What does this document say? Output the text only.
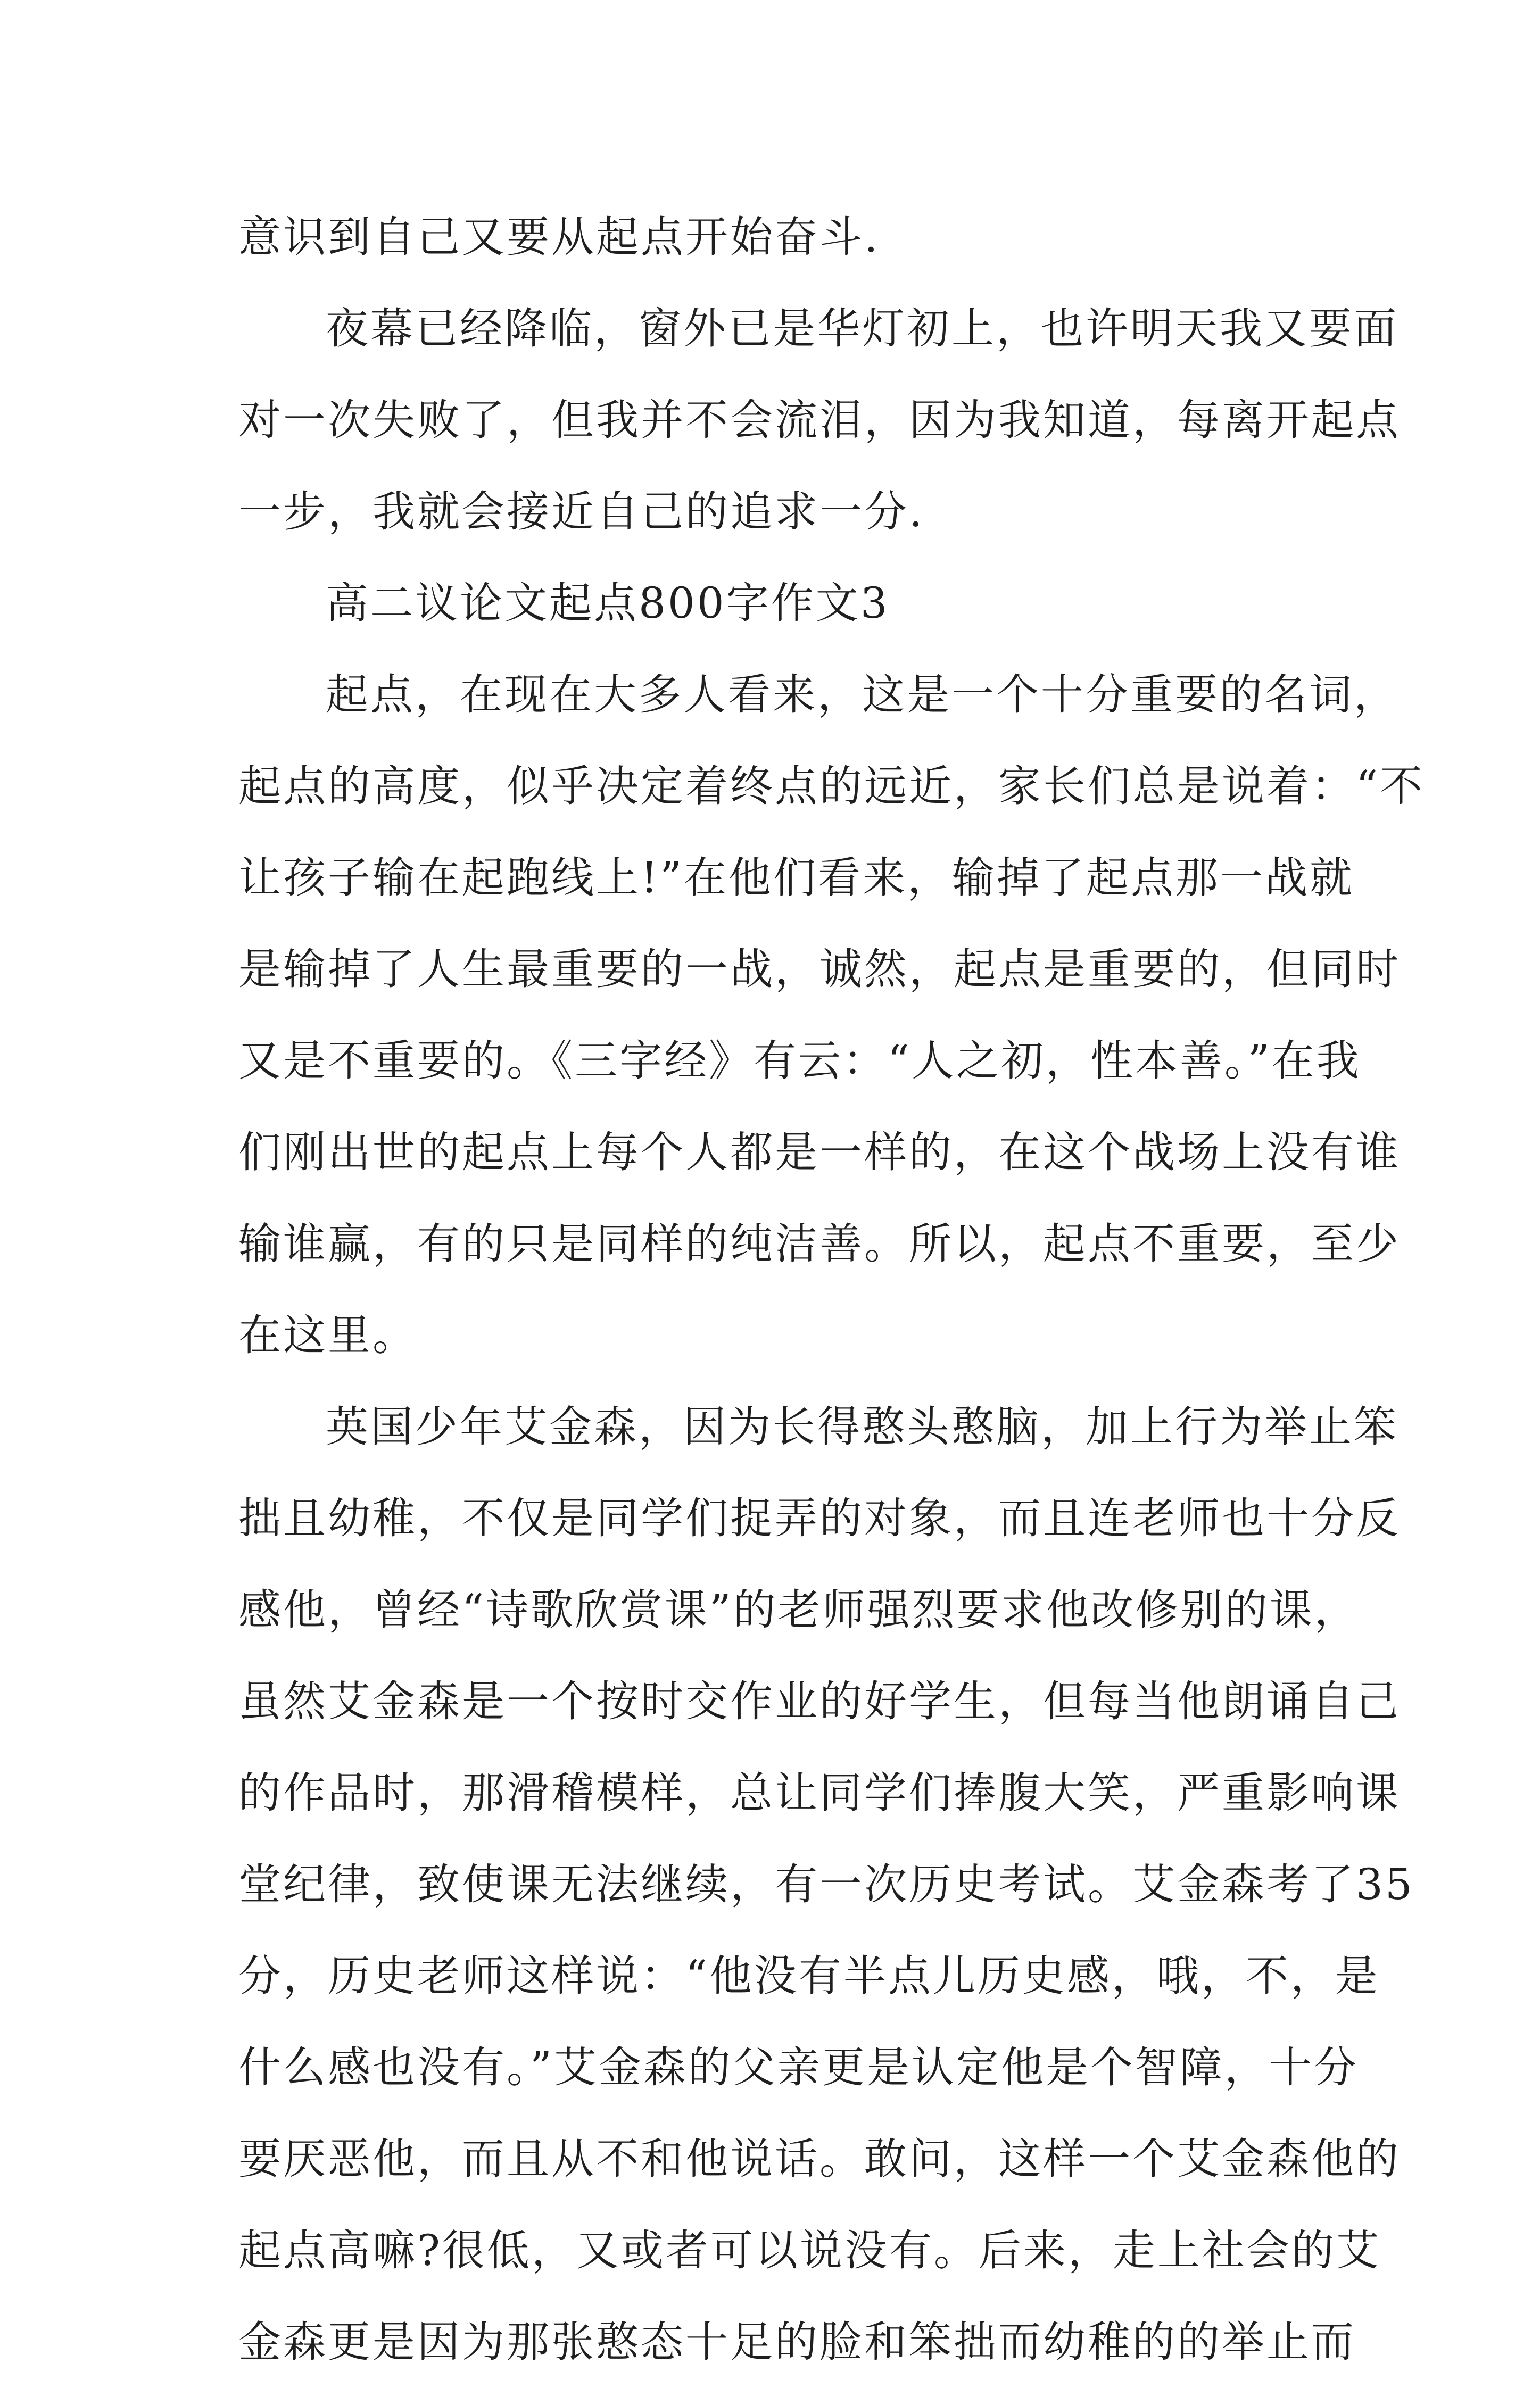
意识到自己又要从起点开始奋斗.
夜幕已经降临，窗外已是华灯初上，也许明天我又要面
对一次失败了，但我并不会流泪，因为我知道，每离开起点
一步，我就会接近自己的追求一分.
高二议论文起点800字作文3
起点，在现在大多人看来，这是一个十分重要的名词，
起点的高度，似乎决定着终点的远近，家长们总是说着：“不
让孩子输在起跑线上!”在他们看来，输掉了起点那一战就
是输掉了人生最重要的一战，诚然，起点是重要的，但同时
又是不重要的。《三字经》有云：“人之初，性本善。”在我
们刚出世的起点上每个人都是一样的，在这个战场上没有谁
输谁赢，有的只是同样的纯洁善。所以，起点不重要，至少
在这里。
英国少年艾金森，因为长得憨头憨脑，加上行为举止笨
拙且幼稚，不仅是同学们捉弄的对象，而且连老师也十分反
感他，曾经“诗歌欣赏课”的老师强烈要求他改修别的课，
虽然艾金森是一个按时交作业的好学生，但每当他朗诵自己
的作品时，那滑稽模样，总让同学们捧腹大笑，严重影响课
堂纪律，致使课无法继续，有一次历史考试。艾金森考了35
分，历史老师这样说：“他没有半点儿历史感，哦，不，是
什么感也没有。”艾金森的父亲更是认定他是个智障，十分
要厌恶他，而且从不和他说话。敢问，这样一个艾金森他的
起点高嘛?很低，又或者可以说没有。后来，走上社会的艾
金森更是因为那张憨态十足的脸和笨拙而幼稚的的举止而
